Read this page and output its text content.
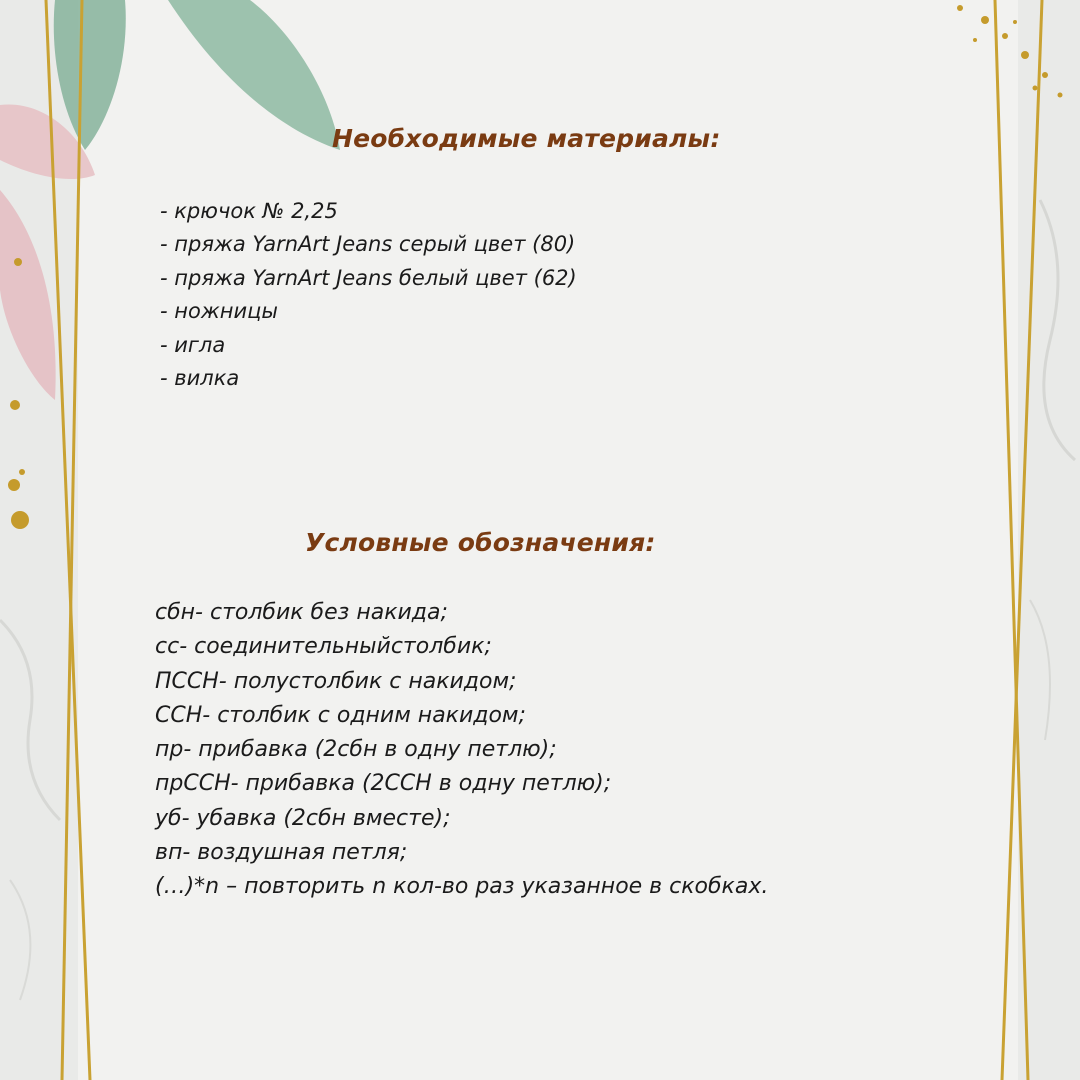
Необходимые материалы:
- крючок № 2,25
- пряжа YarnArt Jeans серый цвет (80)
- пряжа YarnArt Jeans белый цвет (62)
- ножницы
- игла
- вилка
Условные обозначения:
сбн- столбик без накида;
сс- соединительныйстолбик;
ПССН- полустолбик с накидом;
ССН- столбик с одним накидом;
пр- прибавка (2сбн в одну петлю);
прССН- прибавка (2ССН в одну петлю);
уб- убавка (2сбн вместе);
вп- воздушная петля;
(…)*n – повторить n кол-во раз указанное в скобках.
